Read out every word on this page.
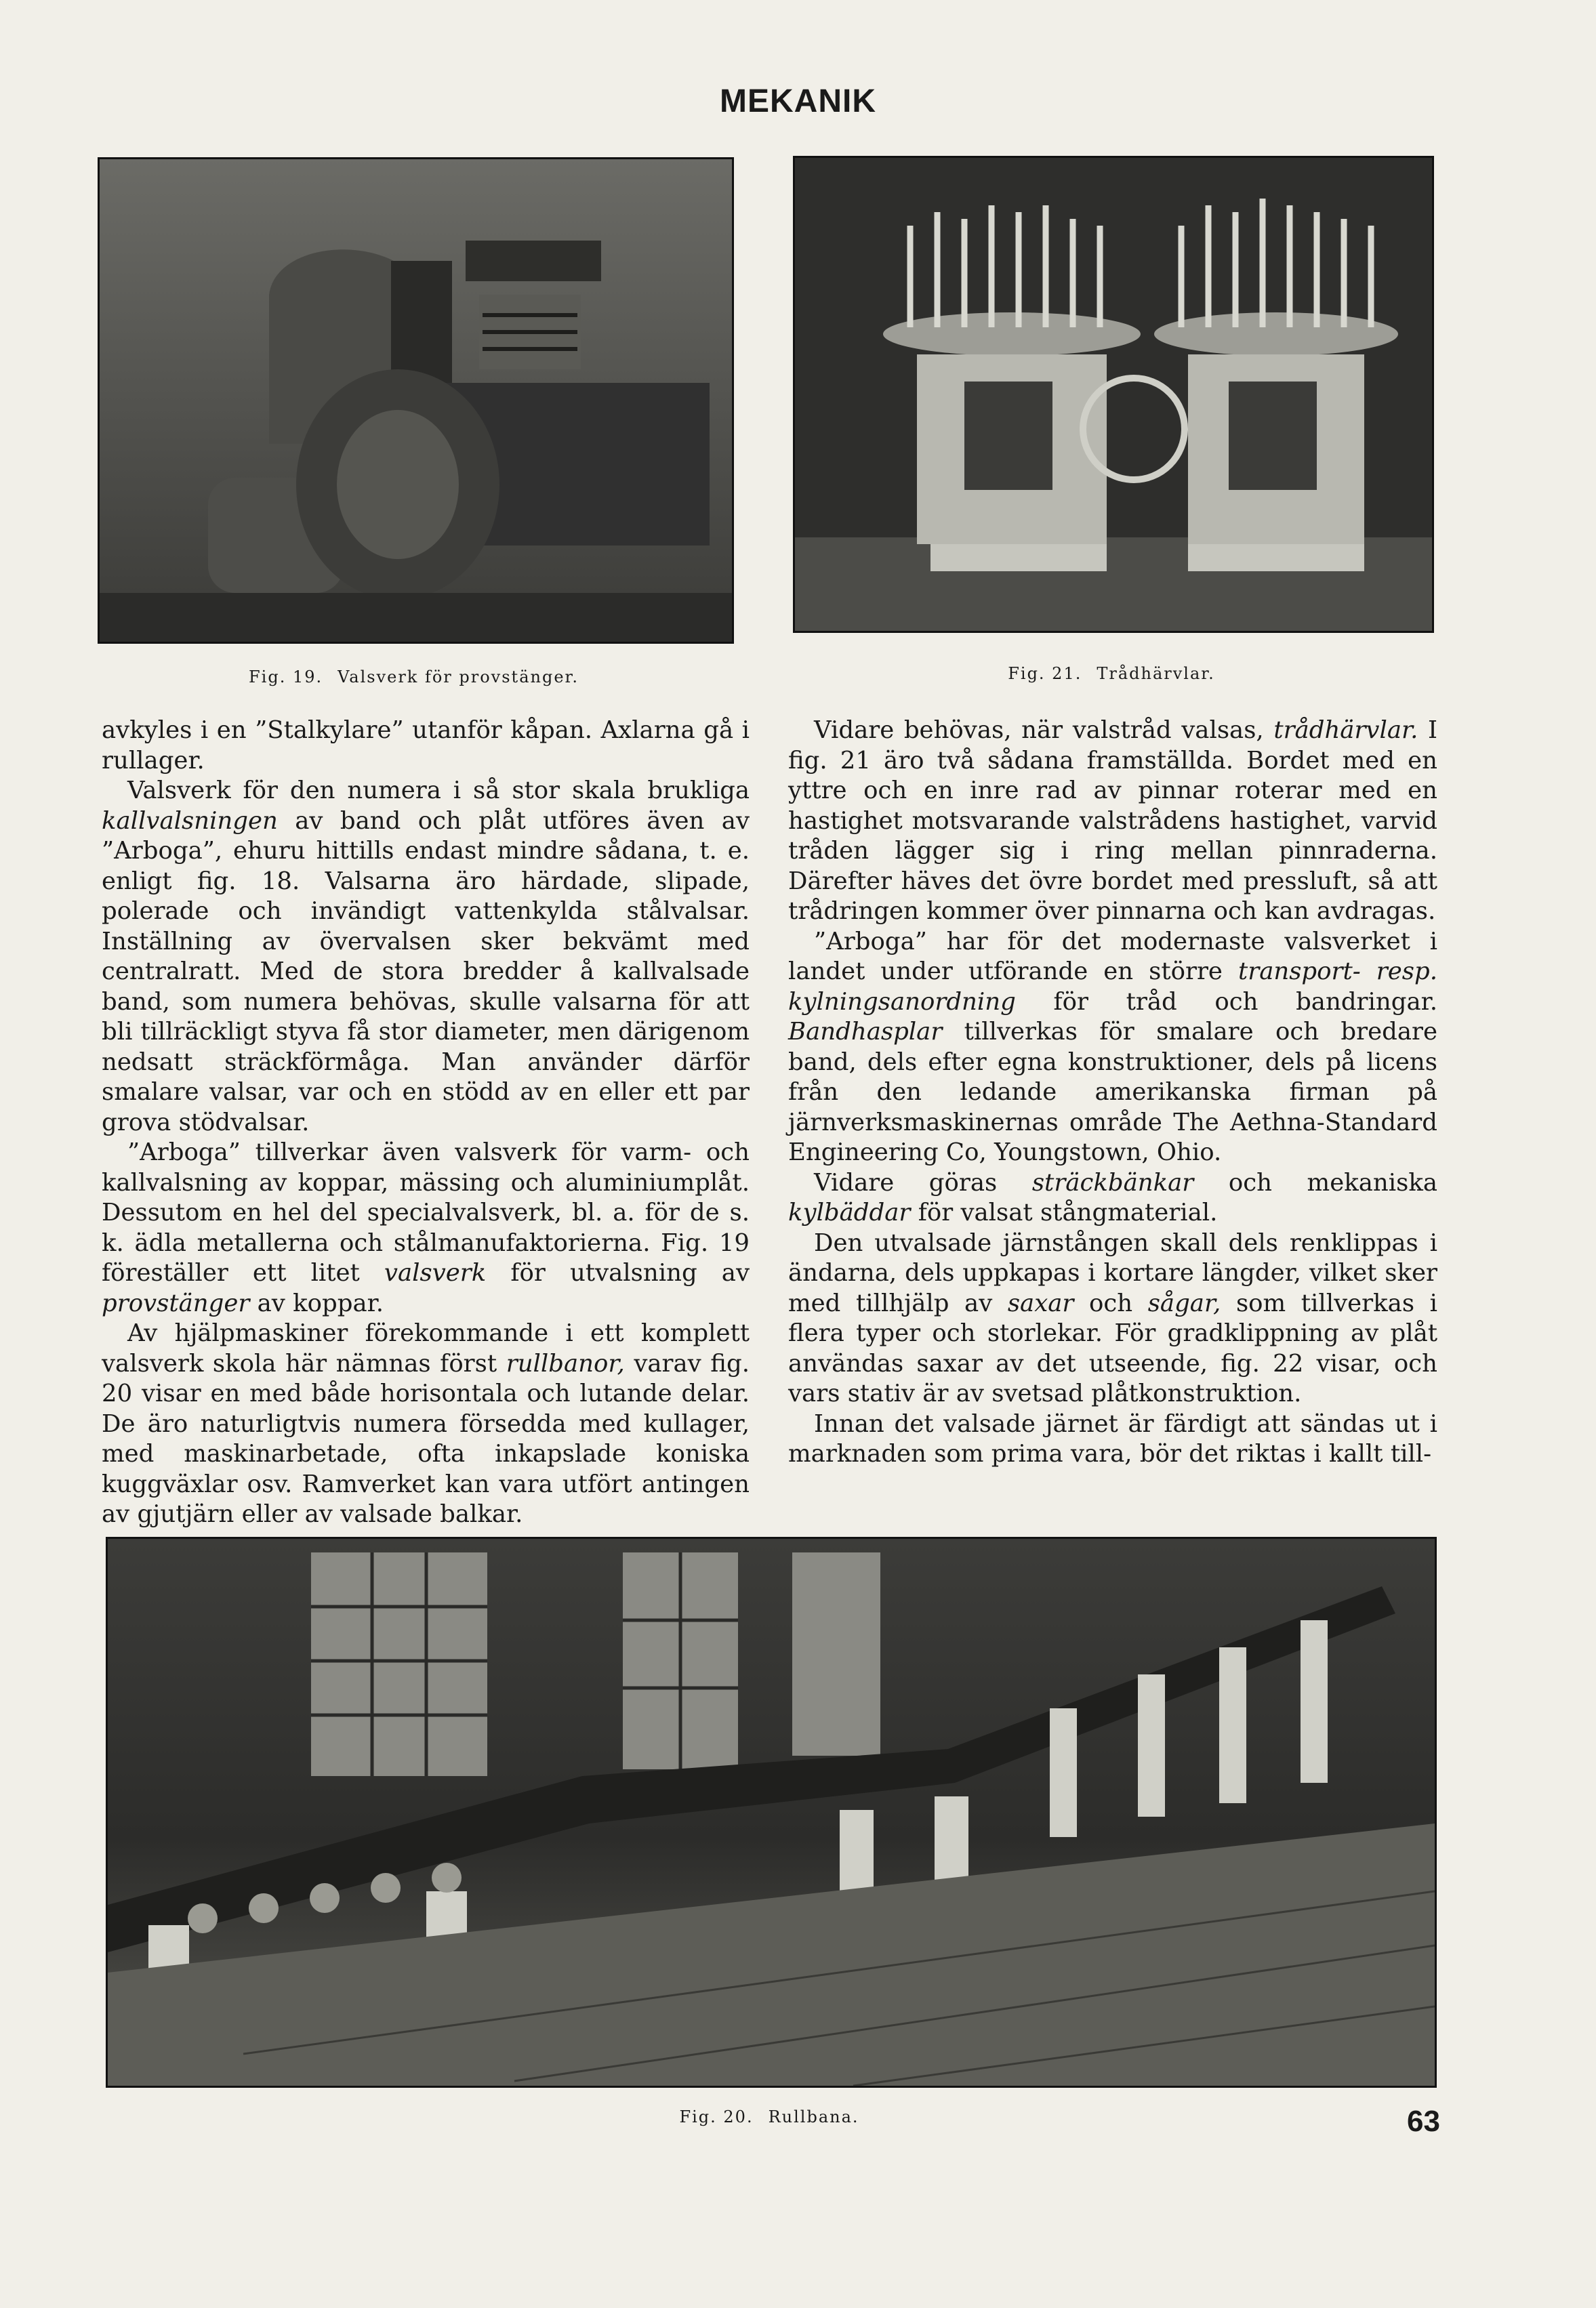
MEKANIK
Fig. 19. Valsverk för provstänger.	Fig. 21. Trådhärvlar.

avkyles i en ”Stalkylare” utanför kåpan. Axlarna gå i rullager.

Valsverk för den numera i så stor skala brukliga kallvalsningen av band och plåt utföres även av ”Arboga”, ehuru hittills endast mindre sådana, t. e. enligt fig. 18. Valsarna äro härdade, slipade, polerade och invändigt vattenkylda stålvalsar. Inställning av övervalsen sker bekvämt med centralratt. Med de stora bredder å kallvalsade band, som numera behövas, skulle valsarna för att bli tillräckligt styva få stor diameter, men därigenom nedsatt sträckförmåga. Man använder därför smalare valsar, var och en stödd av en eller ett par grova stödvalsar.

”Arboga” tillverkar även valsverk för varm- och kallvalsning av koppar, mässing och aluminiumplåt. Dessutom en hel del specialvalsverk, bl. a. för de s. k. ädla metallerna och stålmanufaktorierna. Fig. 19 föreställer ett litet valsverk för utvalsning av provstänger av koppar.

Av hjälpmaskiner förekommande i ett komplett valsverk skola här nämnas först rullbanor, varav fig. 20 visar en med både horisontala och lutande delar. De äro naturligtvis numera försedda med kullager, med maskinarbetade, ofta inkapslade koniska kuggväxlar osv. Ramverket kan vara utfört antingen av gjutjärn eller av valsade balkar.

Vidare behövas, när valstråd valsas, trådhärvlar. I fig. 21 äro två sådana framställda. Bordet med en yttre och en inre rad av pinnar roterar med en hastighet motsvarande valstrådens hastighet, varvid tråden lägger sig i ring mellan pinnraderna. Därefter häves det övre bordet med pressluft, så att trådringen kommer över pinnarna och kan avdragas.

”Arboga” har för det modernaste valsverket i landet under utförande en större transport- resp. kylningsanordning för tråd och bandringar. Bandhasplar tillverkas för smalare och bredare band, dels efter egna konstruktioner, dels på licens från den ledande amerikanska firman på järnverksmaskinernas område The Aethna-Standard Engineering Co, Youngstown, Ohio.

Vidare göras sträckbänkar och mekaniska kylbäddar för valsat stångmaterial.

Den utvalsade järnstången skall dels renklippas i ändarna, dels uppkapas i kortare längder, vilket sker med tillhjälp av saxar och sågar, som tillverkas i flera typer och storlekar. För gradklippning av plåt användas saxar av det utseende, fig. 22 visar, och vars stativ är av svetsad plåtkonstruktion.

Innan det valsade järnet är färdigt att sändas ut i marknaden som prima vara, bör det riktas i kallt till-

Fig. 20. Rullbana.	63
